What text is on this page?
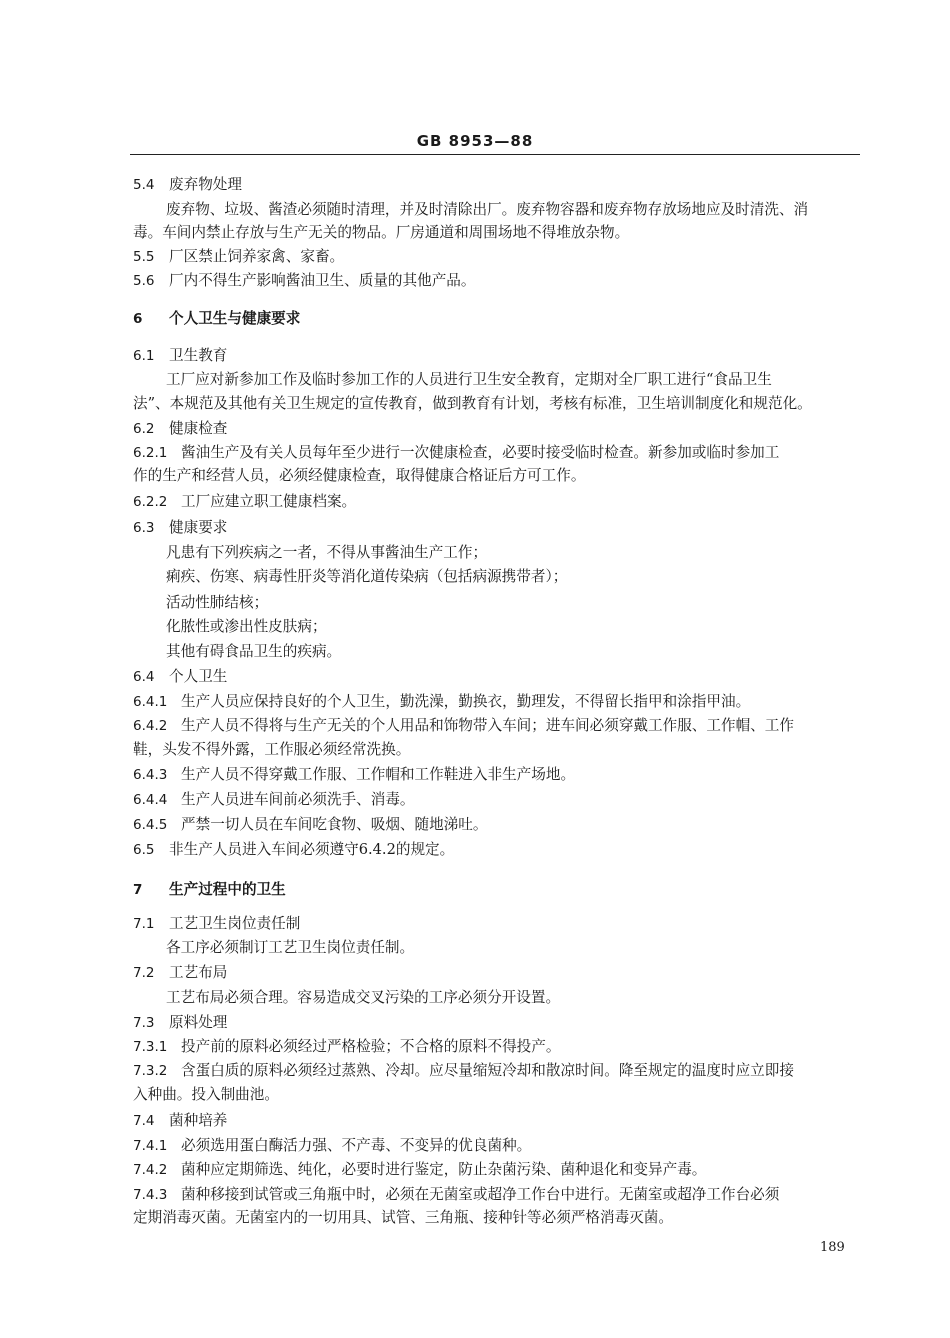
GB 8953—88
5.4 废弃物处理
废弃物、垃圾、酱渣必须随时清理，并及时清除出厂。废弃物容器和废弃物存放场地应及时清洗、消
毒。车间内禁止存放与生产无关的物品。厂房通道和周围场地不得堆放杂物。
5.5 厂区禁止饲养家禽、家畜。
5.6 厂内不得生产影响酱油卫生、质量的其他产品。
6 个人卫生与健康要求
6.1 卫生教育
工厂应对新参加工作及临时参加工作的人员进行卫生安全教育，定期对全厂职工进行“食品卫生
法”、本规范及其他有关卫生规定的宣传教育，做到教育有计划，考核有标准，卫生培训制度化和规范化。
6.2 健康检查
6.2.1 酱油生产及有关人员每年至少进行一次健康检查，必要时接受临时检查。新参加或临时参加工
作的生产和经营人员，必须经健康检查，取得健康合格证后方可工作。
6.2.2 工厂应建立职工健康档案。
6.3 健康要求
凡患有下列疾病之一者，不得从事酱油生产工作；
痢疾、伤寒、病毒性肝炎等消化道传染病（包括病源携带者）；
活动性肺结核；
化脓性或渗出性皮肤病；
其他有碍食品卫生的疾病。
6.4 个人卫生
6.4.1 生产人员应保持良好的个人卫生，勤洗澡，勤换衣，勤理发，不得留长指甲和涂指甲油。
6.4.2 生产人员不得将与生产无关的个人用品和饰物带入车间；进车间必须穿戴工作服、工作帽、工作
鞋，头发不得外露，工作服必须经常洗换。
6.4.3 生产人员不得穿戴工作服、工作帽和工作鞋进入非生产场地。
6.4.4 生产人员进车间前必须洗手、消毒。
6.4.5 严禁一切人员在车间吃食物、吸烟、随地涕吐。
6.5 非生产人员进入车间必须遵守6.4.2的规定。
7 生产过程中的卫生
7.1 工艺卫生岗位责任制
各工序必须制订工艺卫生岗位责任制。
7.2 工艺布局
工艺布局必须合理。容易造成交叉污染的工序必须分开设置。
7.3 原料处理
7.3.1 投产前的原料必须经过严格检验；不合格的原料不得投产。
7.3.2 含蛋白质的原料必须经过蒸熟、冷却。应尽量缩短冷却和散凉时间。降至规定的温度时应立即接
入种曲。投入制曲池。
7.4 菌种培养
7.4.1 必须选用蛋白酶活力强、不产毒、不变异的优良菌种。
7.4.2 菌种应定期筛选、纯化，必要时进行鉴定，防止杂菌污染、菌种退化和变异产毒。
7.4.3 菌种移接到试管或三角瓶中时，必须在无菌室或超净工作台中进行。无菌室或超净工作台必须
定期消毒灭菌。无菌室内的一切用具、试管、三角瓶、接种针等必须严格消毒灭菌。
189
